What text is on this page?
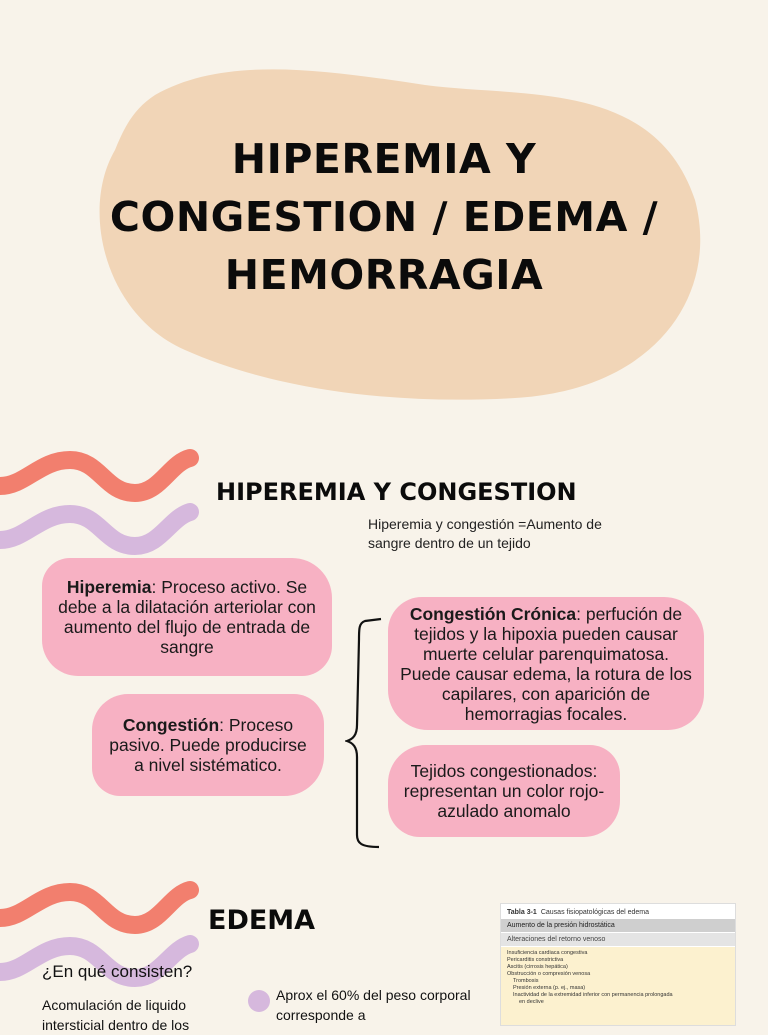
HIPEREMIA Y CONGESTION / EDEMA / HEMORRAGIA
HIPEREMIA Y CONGESTION
Hiperemia y congestión =Aumento de sangre dentro de un tejido
Hiperemia: Proceso activo. Se debe a la dilatación arteriolar con aumento del flujo de entrada de sangre
Congestión: Proceso pasivo. Puede producirse a nivel sistématico.
Congestión Crónica: perfución de tejidos y la hipoxia pueden causar muerte celular parenquimatosa. Puede causar edema, la rotura de los capilares, con aparición de hemorragias focales.
Tejidos congestionados: representan un color rojo-azulado anomalo
EDEMA
¿En qué consisten?
Acomulación de liquido intersticial dentro de los
Aprox el 60% del peso corporal corresponde a
Tabla 3-1 Causas fisiopatológicas del edema
Aumento de la presión hidrostática
Alteraciones del retorno venoso
Insuficiencia cardiaca congestiva
Pericarditis constrictiva
Ascitis (cirrosis hepática)
Obstrucción o compresión venosa
Trombosis
Presión externa (p. ej., masa)
Inactividad de la extremidad inferior con permanencia prolongada
en declive
